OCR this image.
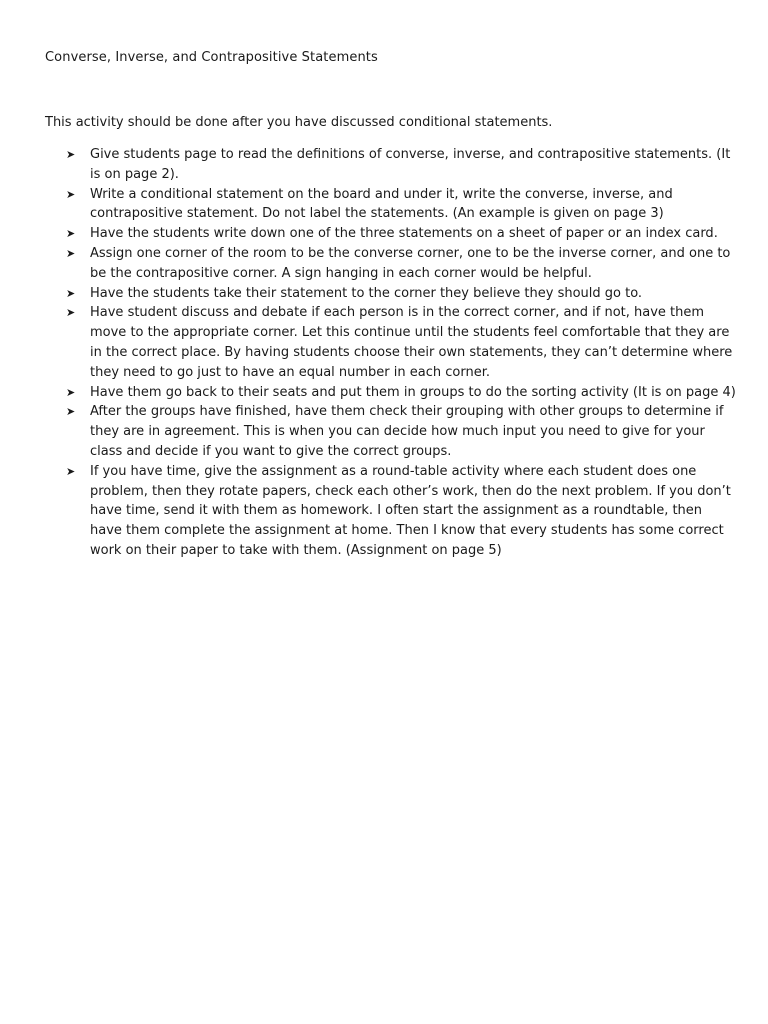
Converse, Inverse, and Contrapositive Statements
This activity should be done after you have discussed conditional statements.
➤ Give students page to read the definitions of converse, inverse, and contrapositive statements. (It is on page 2).
➤ Write a conditional statement on the board and under it, write the converse, inverse, and contrapositive statement. Do not label the statements. (An example is given on page 3)
➤ Have the students write down one of the three statements on a sheet of paper or an index card.
➤ Assign one corner of the room to be the converse corner, one to be the inverse corner, and one to be the contrapositive corner. A sign hanging in each corner would be helpful.
➤ Have the students take their statement to the corner they believe they should go to.
➤ Have student discuss and debate if each person is in the correct corner, and if not, have them move to the appropriate corner. Let this continue until the students feel comfortable that they are in the correct place. By having students choose their own statements, they can’t determine where they need to go just to have an equal number in each corner.
➤ Have them go back to their seats and put them in groups to do the sorting activity (It is on page 4)
➤ After the groups have finished, have them check their grouping with other groups to determine if they are in agreement. This is when you can decide how much input you need to give for your class and decide if you want to give the correct groups.
➤ If you have time, give the assignment as a round-table activity where each student does one problem, then they rotate papers, check each other’s work, then do the next problem. If you don’t have time, send it with them as homework. I often start the assignment as a roundtable, then have them complete the assignment at home. Then I know that every students has some correct work on their paper to take with them. (Assignment on page 5)
